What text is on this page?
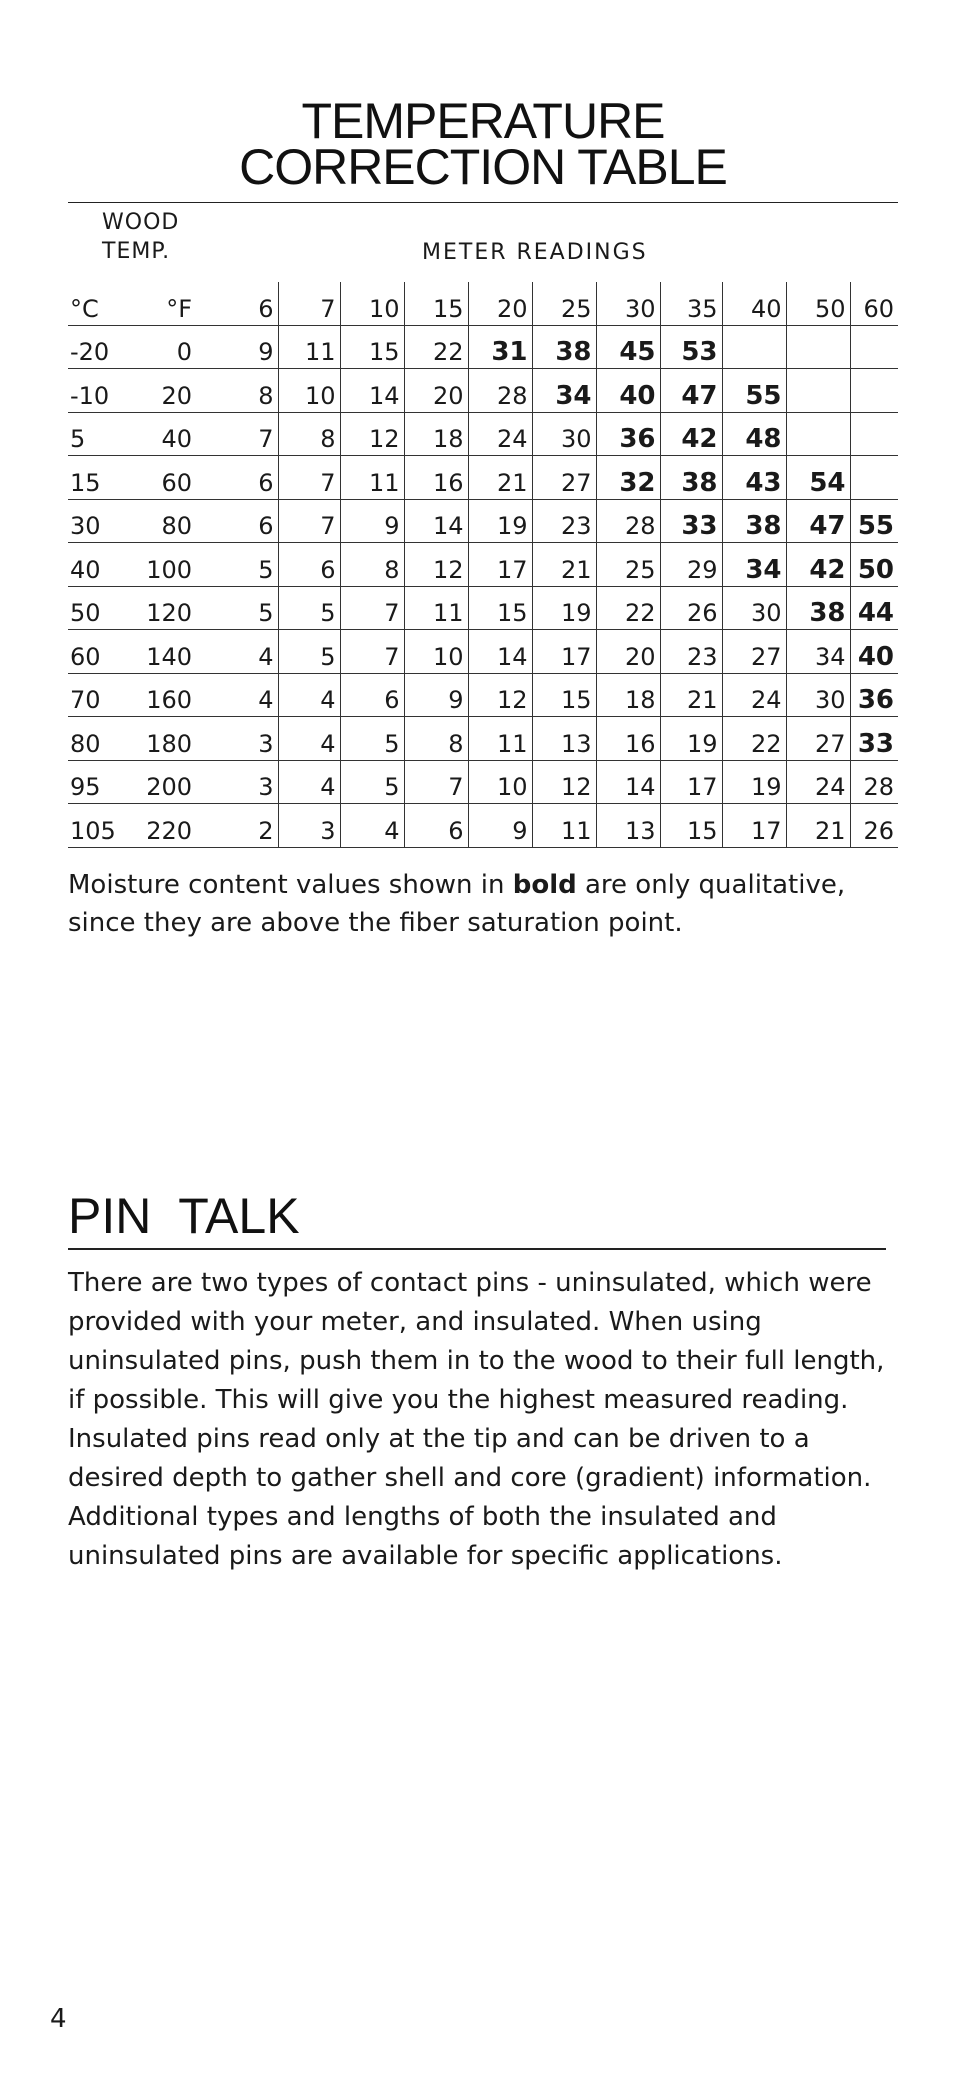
TEMPERATURE
CORRECTION TABLE
WOOD
TEMP.	METER READINGS
°C	°F	6	7	10	15	20	25	30	35	40	50	60
-20	0	9	11	15	22	31	38	45	53			
-10	20	8	10	14	20	28	34	40	47	55		
5	40	7	8	12	18	24	30	36	42	48		
15	60	6	7	11	16	21	27	32	38	43	54	
30	80	6	7	9	14	19	23	28	33	38	47	55
40	100	5	6	8	12	17	21	25	29	34	42	50
50	120	5	5	7	11	15	19	22	26	30	38	44
60	140	4	5	7	10	14	17	20	23	27	34	40
70	160	4	4	6	9	12	15	18	21	24	30	36
80	180	3	4	5	8	11	13	16	19	22	27	33
95	200	3	4	5	7	10	12	14	17	19	24	28
105	220	2	3	4	6	9	11	13	15	17	21	26
Moisture content values shown in bold are only qualitative, since they are above the fiber saturation point.
PIN  TALK
There are two types of contact pins - uninsulated, which were provided with your meter, and insulated. When using uninsulated pins, push them in to the wood to their full length, if possible. This will give you the highest measured reading. Insulated pins read only at the tip and can be driven to a desired depth to gather shell and core (gradient) information. Additional types and lengths of both the insulated and uninsulated pins are available for specific applications.
4
